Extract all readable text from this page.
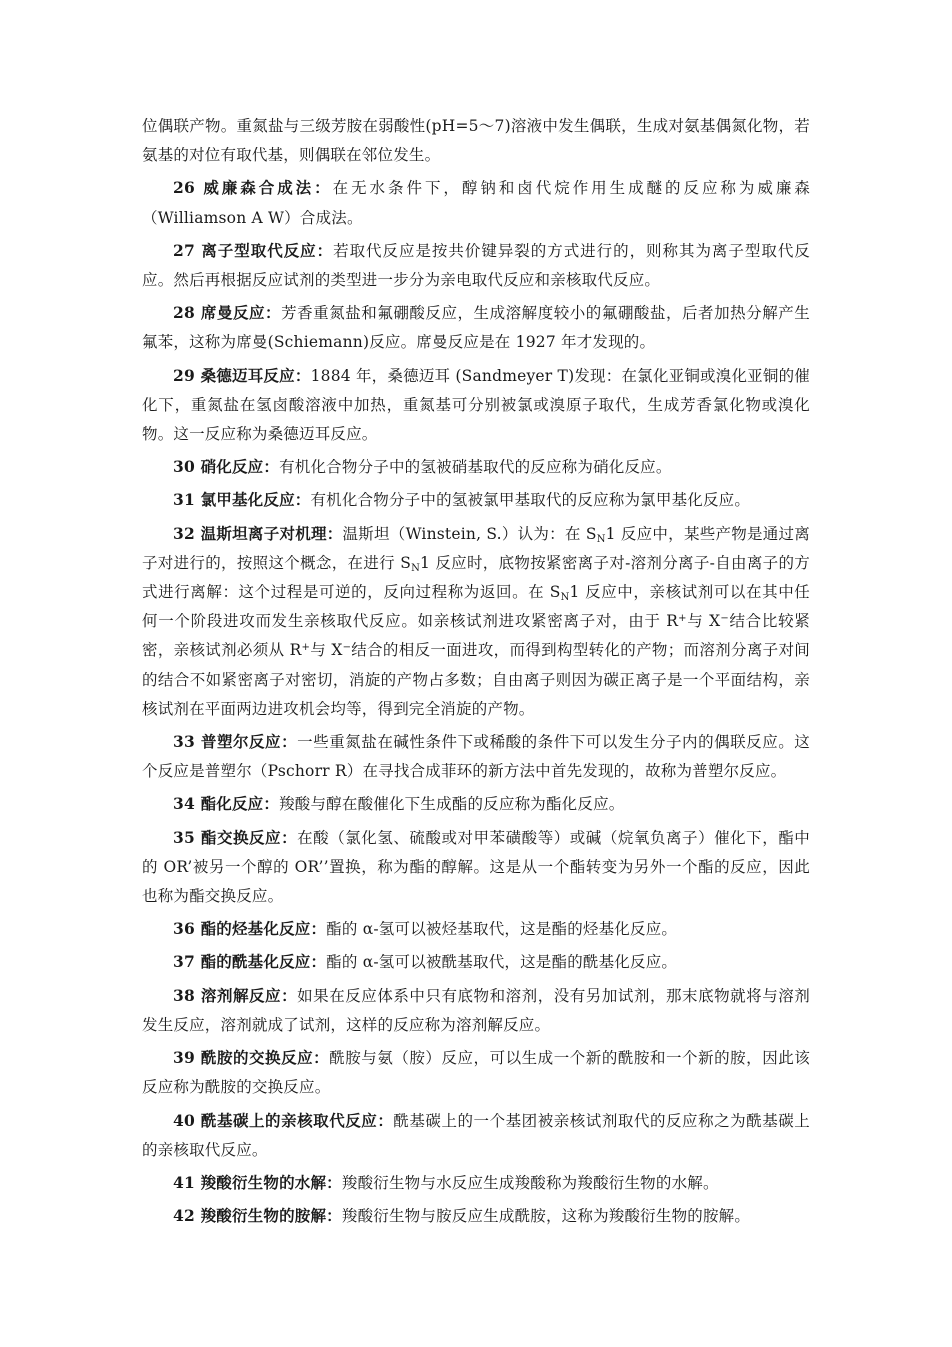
位偶联产物。重氮盐与三级芳胺在弱酸性(pH=5～7)溶液中发生偶联，生成对氨基偶氮化物，若氨基的对位有取代基，则偶联在邻位发生。

26 威廉森合成法：在无水条件下，醇钠和卤代烷作用生成醚的反应称为威廉森（Williamson A W）合成法。

27 离子型取代反应：若取代反应是按共价键异裂的方式进行的，则称其为离子型取代反应。然后再根据反应试剂的类型进一步分为亲电取代反应和亲核取代反应。

28 席曼反应：芳香重氮盐和氟硼酸反应，生成溶解度较小的氟硼酸盐，后者加热分解产生氟苯，这称为席曼(Schiemann)反应。席曼反应是在 1927 年才发现的。

29 桑德迈耳反应：1884 年，桑德迈耳 (Sandmeyer T)发现：在氯化亚铜或溴化亚铜的催化下，重氮盐在氢卤酸溶液中加热，重氮基可分别被氯或溴原子取代，生成芳香氯化物或溴化物。这一反应称为桑德迈耳反应。

30 硝化反应：有机化合物分子中的氢被硝基取代的反应称为硝化反应。

31 氯甲基化反应：有机化合物分子中的氢被氯甲基取代的反应称为氯甲基化反应。

32 温斯坦离子对机理：温斯坦（Winstein, S.）认为：在 $S_N1$ 反应中，某些产物是通过离子对进行的，按照这个概念，在进行 $S_N1$ 反应时，底物按紧密离子对-溶剂分离子-自由离子的方式进行离解：这个过程是可逆的，反向过程称为返回。在 $S_N1$ 反应中，亲核试剂可以在其中任何一个阶段进攻而发生亲核取代反应。如亲核试剂进攻紧密离子对，由于 R+与 X−结合比较紧密，亲核试剂必须从 R+与 X−结合的相反一面进攻，而得到构型转化的产物；而溶剂分离子对间的结合不如紧密离子对密切，消旋的产物占多数；自由离子则因为碳正离子是一个平面结构，亲核试剂在平面两边进攻机会均等，得到完全消旋的产物。

33 普塑尔反应：一些重氮盐在碱性条件下或稀酸的条件下可以发生分子内的偶联反应。这个反应是普塑尔（Pschorr R）在寻找合成菲环的新方法中首先发现的，故称为普塑尔反应。

34 酯化反应：羧酸与醇在酸催化下生成酯的反应称为酯化反应。

35 酯交换反应：在酸（氯化氢、硫酸或对甲苯磺酸等）或碱（烷氧负离子）催化下，酯中的 OR’被另一个醇的 OR’’置换，称为酯的醇解。这是从一个酯转变为另外一个酯的反应，因此也称为酯交换反应。

36 酯的烃基化反应：酯的 α-氢可以被烃基取代，这是酯的烃基化反应。

37 酯的酰基化反应：酯的 α-氢可以被酰基取代，这是酯的酰基化反应。

38 溶剂解反应：如果在反应体系中只有底物和溶剂，没有另加试剂，那末底物就将与溶剂发生反应，溶剂就成了试剂，这样的反应称为溶剂解反应。

39 酰胺的交换反应：酰胺与氨（胺）反应，可以生成一个新的酰胺和一个新的胺，因此该反应称为酰胺的交换反应。

40 酰基碳上的亲核取代反应：酰基碳上的一个基团被亲核试剂取代的反应称之为酰基碳上的亲核取代反应。

41 羧酸衍生物的水解：羧酸衍生物与水反应生成羧酸称为羧酸衍生物的水解。

42 羧酸衍生物的胺解：羧酸衍生物与胺反应生成酰胺，这称为羧酸衍生物的胺解。
